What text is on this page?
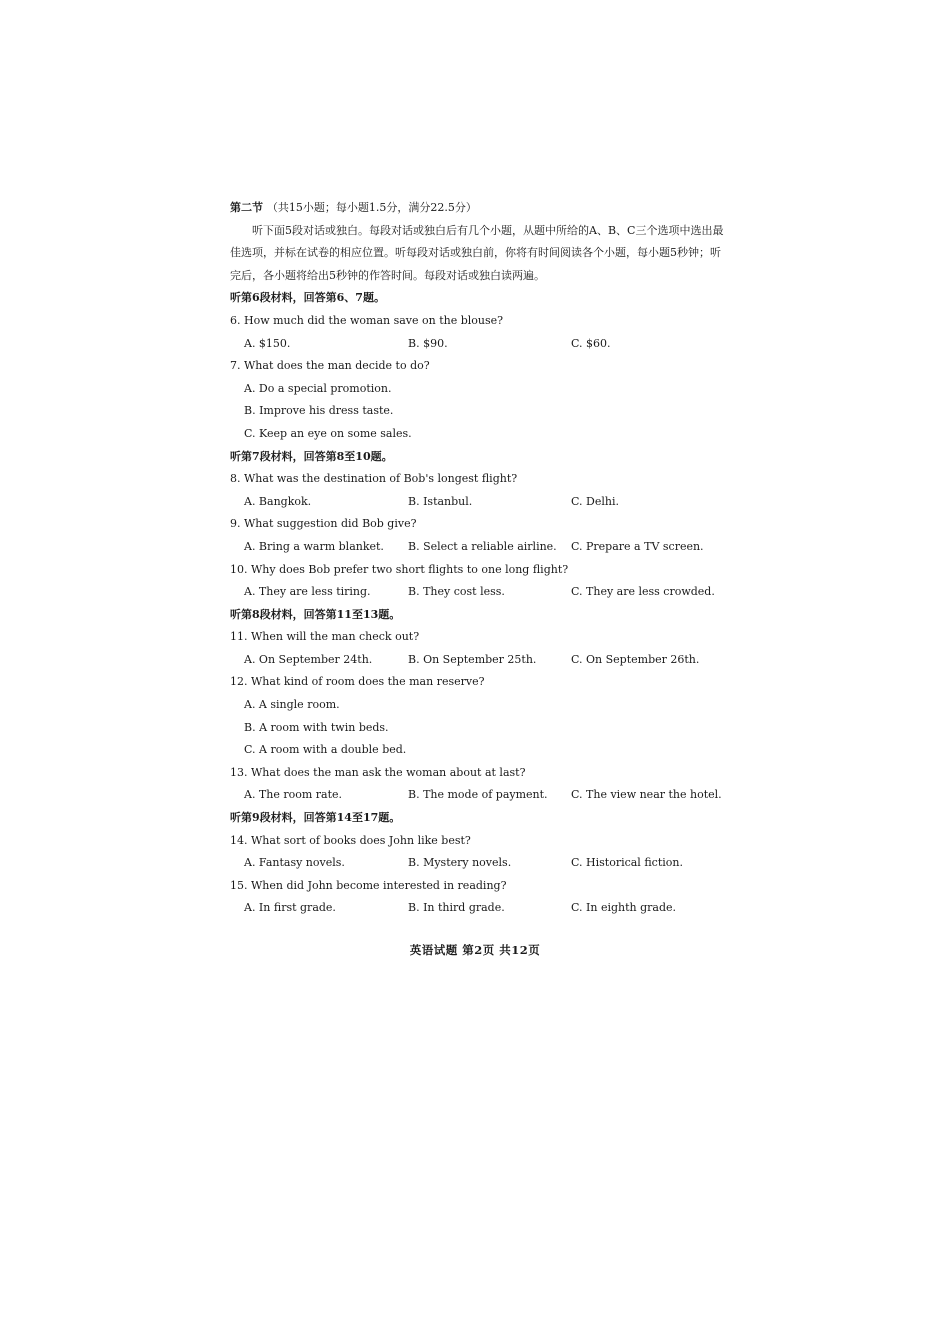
第二节 （共15小题；每小题1.5分，满分22.5分）

听下面5段对话或独白。每段对话或独白后有几个小题，从题中所给的A、B、C三个选项中选出最佳选项，并标在试卷的相应位置。听每段对话或独白前，你将有时间阅读各个小题，每小题5秒钟；听完后，各小题将给出5秒钟的作答时间。每段对话或独白读两遍。

听第6段材料，回答第6、7题。
6. How much did the woman save on the blouse?
A. $150.	B. $90.	C. $60.
7. What does the man decide to do?
A. Do a special promotion.
B. Improve his dress taste.
C. Keep an eye on some sales.
听第7段材料，回答第8至10题。
8. What was the destination of Bob's longest flight?
A. Bangkok.	B. Istanbul.	C. Delhi.
9. What suggestion did Bob give?
A. Bring a warm blanket. B. Select a reliable airline. C. Prepare a TV screen.
10. Why does Bob prefer two short flights to one long flight?
A. They are less tiring.	B. They cost less.	C. They are less crowded.
听第8段材料，回答第11至13题。
11. When will the man check out?
A. On September 24th.	B. On September 25th.	C. On September 26th.
12. What kind of room does the man reserve?
A. A single room.
B. A room with twin beds.
C. A room with a double bed.
13. What does the man ask the woman about at last?
A. The room rate.	B. The mode of payment. C. The view near the hotel.
听第9段材料，回答第14至17题。
14. What sort of books does John like best?
A. Fantasy novels.	B. Mystery novels.	C. Historical fiction.
15. When did John become interested in reading?
A. In first grade.	B. In third grade.	C. In eighth grade.
英语试题 第2页 共12页
